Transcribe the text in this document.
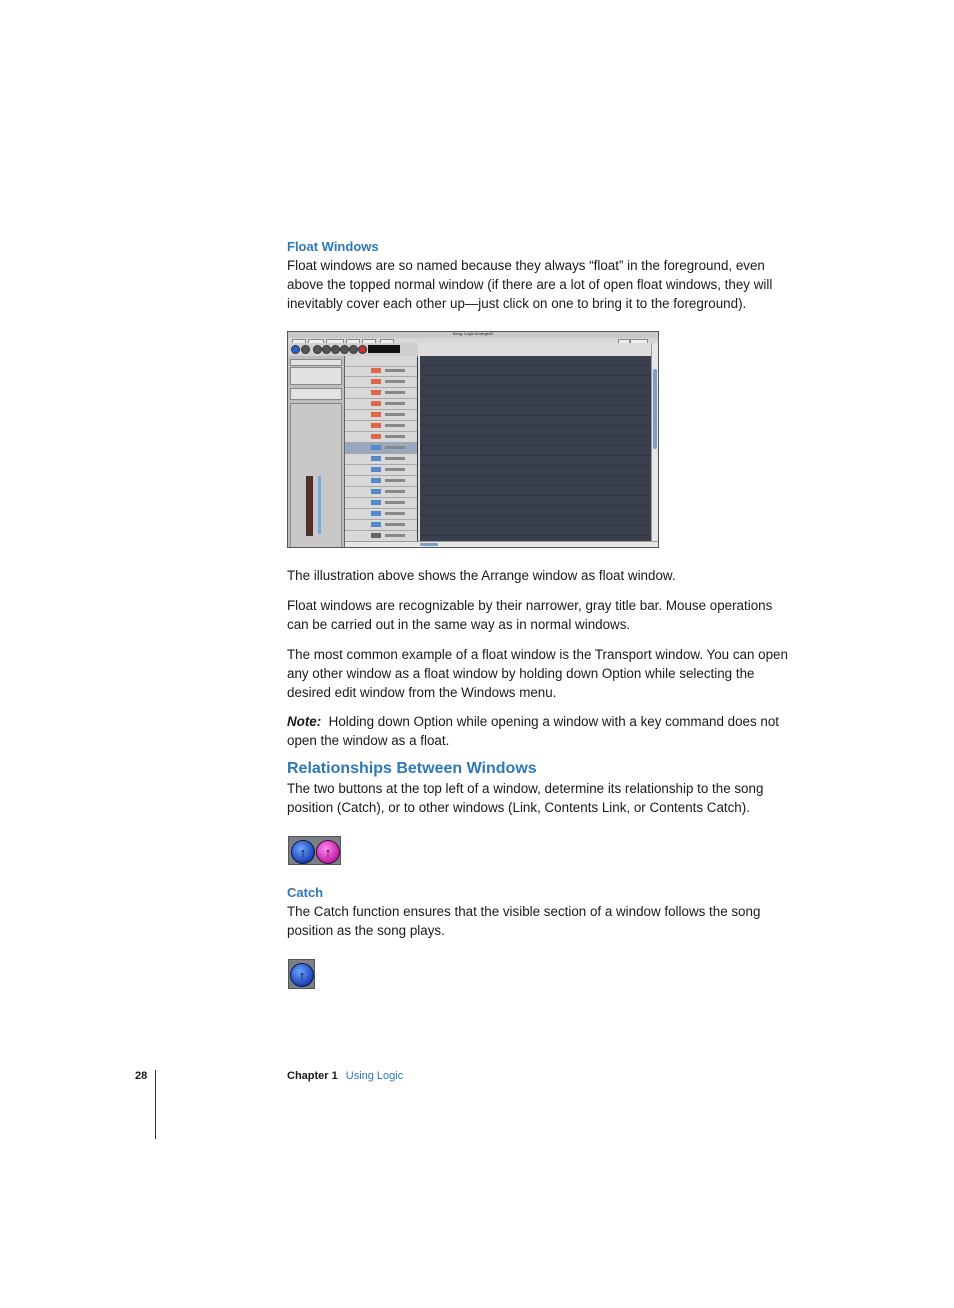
Float Windows

Float windows are so named because they always “float” in the foreground, even above the topped normal window (if there are a lot of open float windows, they will inevitably cover each other up—just click on one to bring it to the foreground).

Song: Logic Arrange#2

The illustration above shows the Arrange window as float window.

Float windows are recognizable by their narrower, gray title bar. Mouse operations can be carried out in the same way as in normal windows.

The most common example of a float window is the Transport window. You can open any other window as a float window by holding down Option while selecting the desired edit window from the Windows menu.

Note: Holding down Option while opening a window with a key command does not open the window as a float.

Relationships Between Windows

The two buttons at the top left of a window, determine its relationship to the song position (Catch), or to other windows (Link, Contents Link, or Contents Catch).

↑	↑
Catch

The Catch function ensures that the visible section of a window follows the song position as the song plays.

↑
28	Chapter 1 Using Logic
